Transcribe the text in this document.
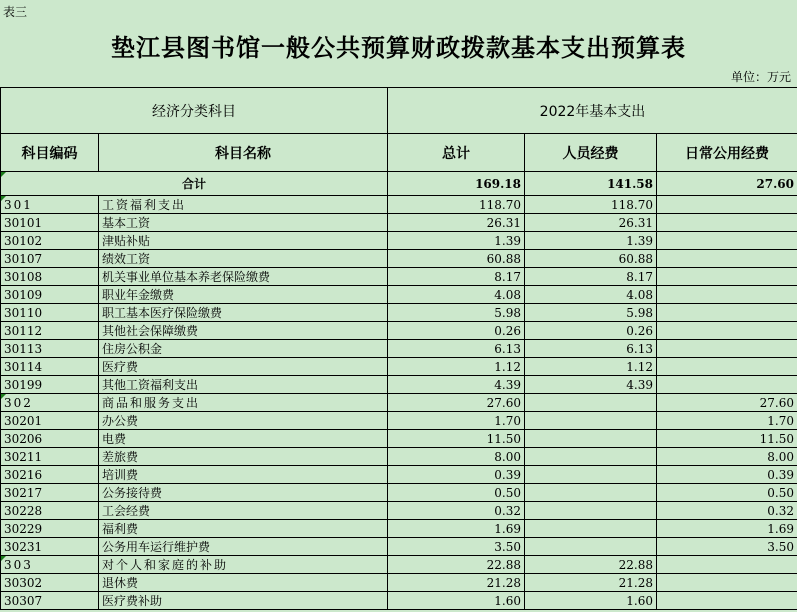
表三
垫江县图书馆一般公共预算财政拨款基本支出预算表
单位：万元
经济分类科目		2022年基本支出		
科目编码	科目名称	总计	人员经费	日常公用经费
合计		169.18	141.58	27.60
301	工资福利支出	118.70	118.70	
30101	基本工资	26.31	26.31	
30102	津贴补贴	1.39	1.39	
30107	绩效工资	60.88	60.88	
30108	机关事业单位基本养老保险缴费	8.17	8.17	
30109	职业年金缴费	4.08	4.08	
30110	职工基本医疗保险缴费	5.98	5.98	
30112	其他社会保障缴费	0.26	0.26	
30113	住房公积金	6.13	6.13	
30114	医疗费	1.12	1.12	
30199	其他工资福利支出	4.39	4.39	
302	商品和服务支出	27.60		27.60
30201	办公费	1.70		1.70
30206	电费	11.50		11.50
30211	差旅费	8.00		8.00
30216	培训费	0.39		0.39
30217	公务接待费	0.50		0.50
30228	工会经费	0.32		0.32
30229	福利费	1.69		1.69
30231	公务用车运行维护费	3.50		3.50
303	对个人和家庭的补助	22.88	22.88	
30302	退休费	21.28	21.28	
30307	医疗费补助	1.60	1.60	
